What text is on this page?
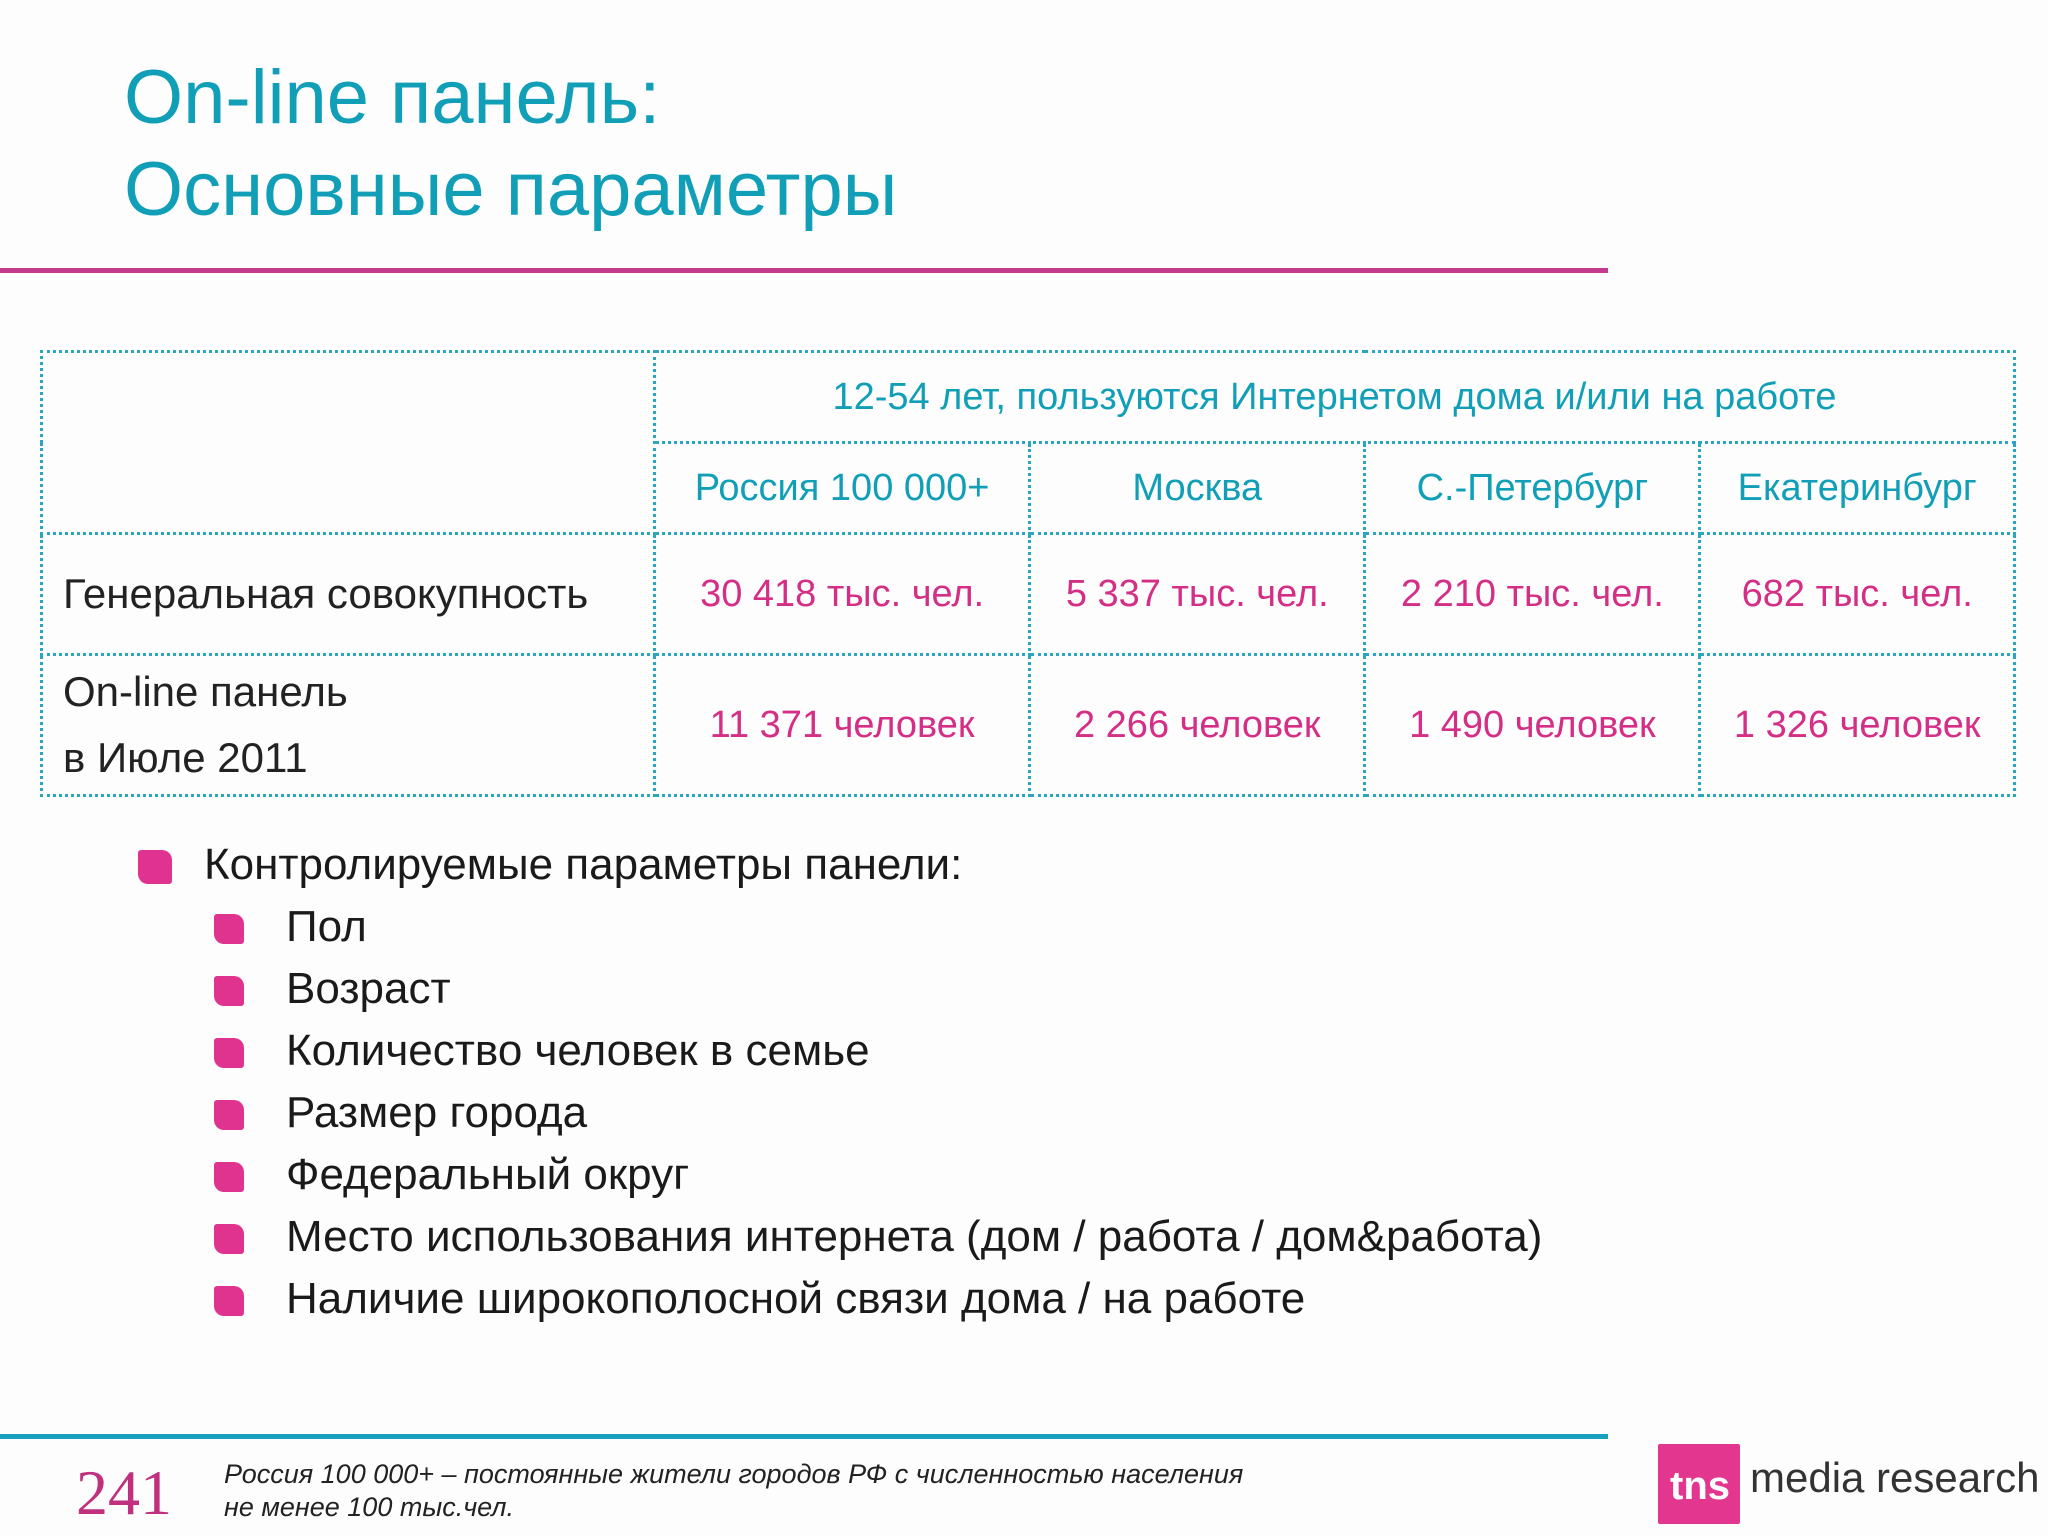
On-line панель:
Основные параметры
	12-54 лет, пользуются Интернетом дома и/или на работе			
	Россия 100 000+	Москва	С.-Петербург	Екатеринбург
Генеральная совокупность	30 418 тыс. чел.	5 337 тыс. чел.	2 210 тыс. чел.	682 тыс. чел.

On-line панель
в Июле 2011	11 371 человек	2 266 человек	1 490 человек	1 326 человек
Контролируемые параметры панели:
Пол
Возраст
Количество человек в семье
Размер города
Федеральный округ
Место использования интернета (дом / работа / дом&работа)
Наличие широкополосной связи дома / на работе
241 Россия 100 000+ – постоянные жители городов РФ с численностью населения
не менее 100 тыс.чел.	tns media research
